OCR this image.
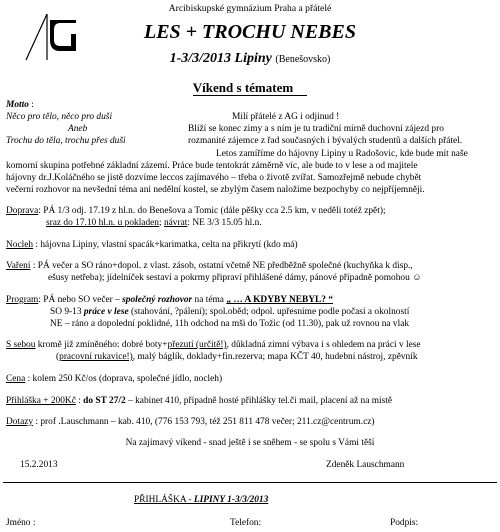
Arcibiskupské gymnázium Praha a přátelé
LES + TROCHU NEBES
1-3/3/2013 Lipiny (Benešovsko)
Víkend s tématem
Motto :
Něco pro tělo, něco pro duši
Aneb
Trochu do těla, trochu přes duši
Milí přátelé z AG i odjinud !
Blíží se konec zimy a s ním je tu tradiční mírně duchovní zájezd pro
rozmanité zájemce z řad současných i bývalých studentů a dalších přátel.
Letos zamíříme do hájovny Lipiny u Radošovic, kde bude mít naše
komorní skupina potřebné základní zázemí. Práce bude tentokrát záměrně víc, ale bude to v lese a od majitele
hájovny dr.J.Koláčného se jistě dozvíme leccos zajímavého – třeba o životě zvířat. Samozřejmě nebude chybět
večerní rozhovor na nevšední téma ani nedělní kostel, se zbylým časem naložíme bezpochyby co nejpříjemněji.
Doprava: PÁ 1/3 odj. 17.19 z hl.n. do Benešova a Tomic (dále pěšky cca 2.5 km, v neděli totéž zpět);
sraz do 17.10 hl.n. u pokladen; návrat: NE 3/3 15.05 hl.n.
Nocleh : hájovna Lipiny, vlastní spacák+karimatka, celta na přikrytí (kdo má)
Vaření : PÁ večer a SO ráno+dopol. z vlast. zásob, ostatní včetně NE předběžně společné (kuchyňka k disp.,
ešusy netřeba); jídelníček sestaví a pokrmy připraví přihlášené dámy, pánové případně pomohou ☺
Program: PÁ nebo SO večer – společný rozhovor na téma „ … A KDYBY NEBYL? “
SO 9-13 práce v lese (stahování, ?pálení); spol.oběd; odpol. upřesníme podle počasí a okolností
NE – ráno a dopolední poklidné, 11h odchod na mši do Tožic (od 11.30), pak už rovnou na vlak
S sebou kromě již zmíněného: dobré boty+přezutí (určitě!), důkladná zimní výbava i s ohledem na práci v lese
(pracovní rukavice!), malý báglík, doklady+fin.rezerva; mapa KČT 40, hudební nástroj, zpěvník
Cena : kolem 250 Kč/os (doprava, společné jídlo, nocleh)
Přihláška + 200Kč : do ST 27/2 – kabinet 410, případně hosté přihlášky tel.či mail, placení až na místě
Dotazy : prof .Lauschmann – kab. 410, (776 153 793, též 251 811 478 večer; 211.cz@centrum.cz)
Na zajímavý víkend - snad ještě i se sněhem - se spolu s Vámi těší
15.2.2013	Zdeněk Lauschmann
PŘIHLÁŠKA - LIPINY 1-3/3/2013
Jméno :	Telefon:	Podpis:
